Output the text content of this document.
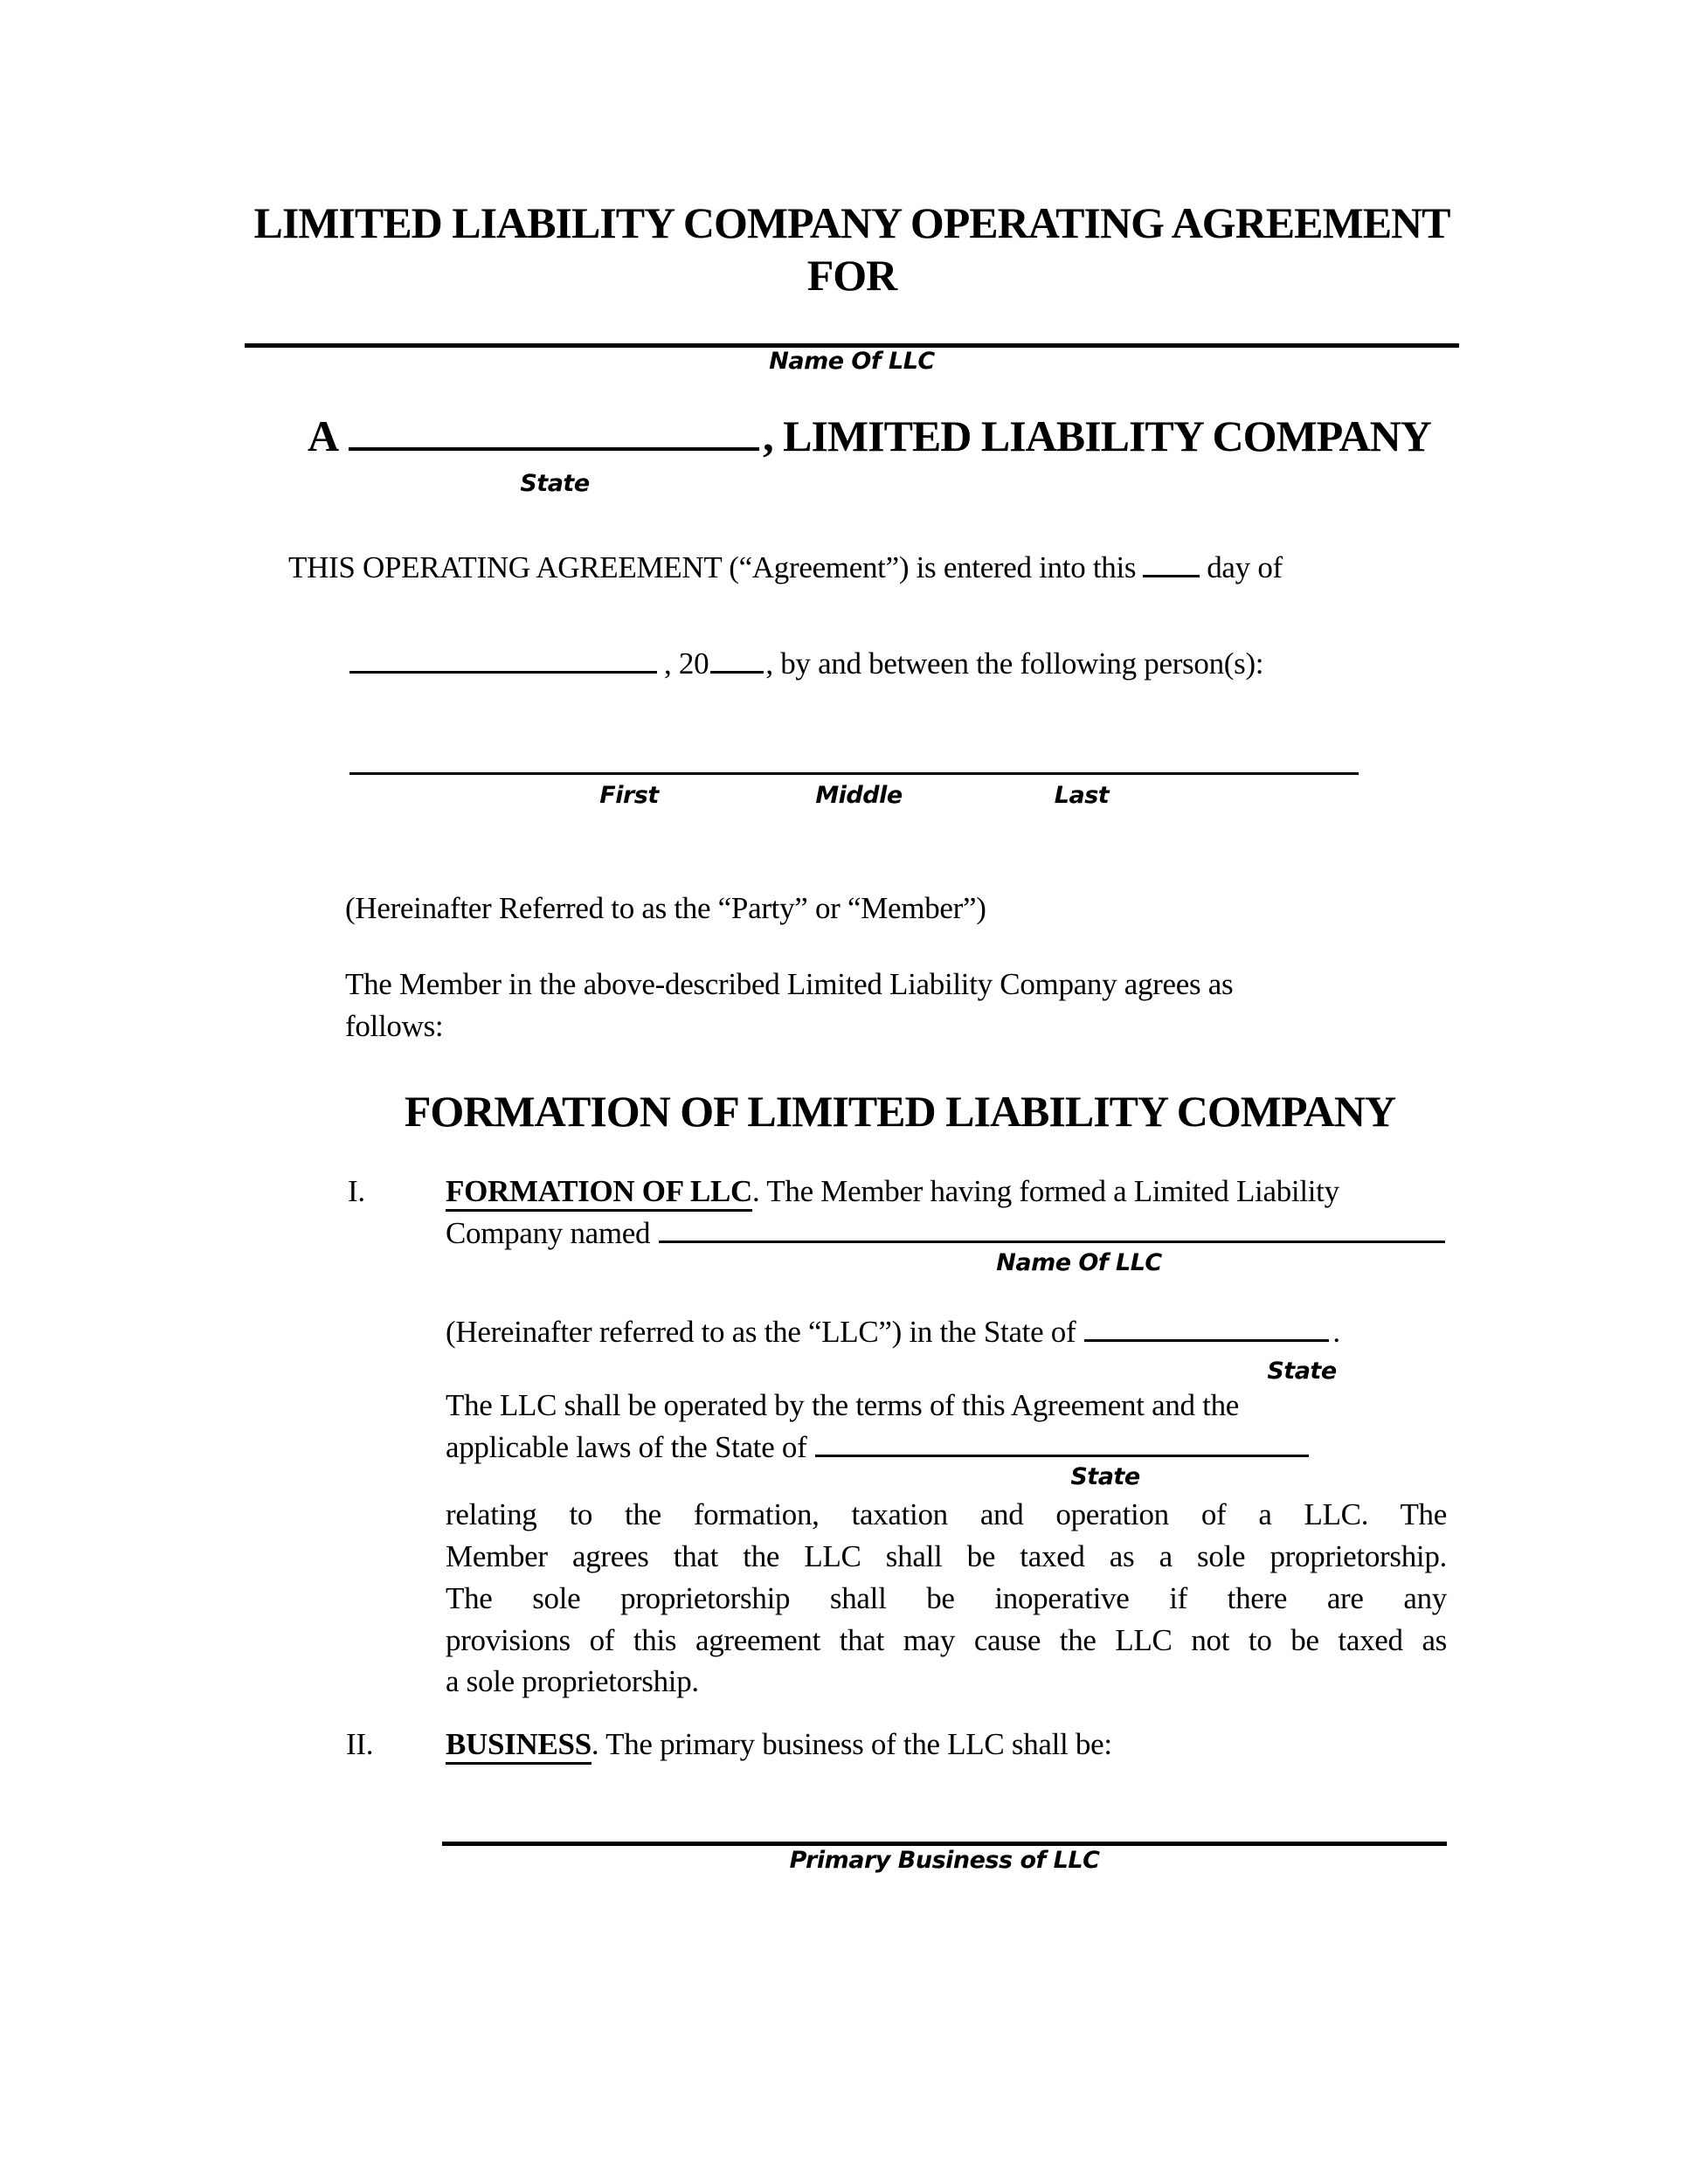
LIMITED LIABILITY COMPANY OPERATING AGREEMENT
FOR
Name Of LLC
A	, LIMITED LIABILITY COMPANY
State
THIS OPERATING AGREEMENT (“Agreement”) is entered into this day of
, 20 , by and between the following person(s):
First	Middle	Last
(Hereinafter Referred to as the “Party” or “Member”)
The Member in the above-described Limited Liability Company agrees as
follows:
FORMATION OF LIMITED LIABILITY COMPANY
I.	FORMATION OF LLC. The Member having formed a Limited Liability
Company named
Name Of LLC
(Hereinafter referred to as the “LLC”) in the State of	.
State
The LLC shall be operated by the terms of this Agreement and the
applicable laws of the State of
State
relating to the formation, taxation and operation of a LLC. The
Member agrees that the LLC shall be taxed as a sole proprietorship.
The sole proprietorship shall be inoperative if there are any
provisions of this agreement that may cause the LLC not to be taxed as
a sole proprietorship.
II. BUSINESS. The primary business of the LLC shall be:
Primary Business of LLC
